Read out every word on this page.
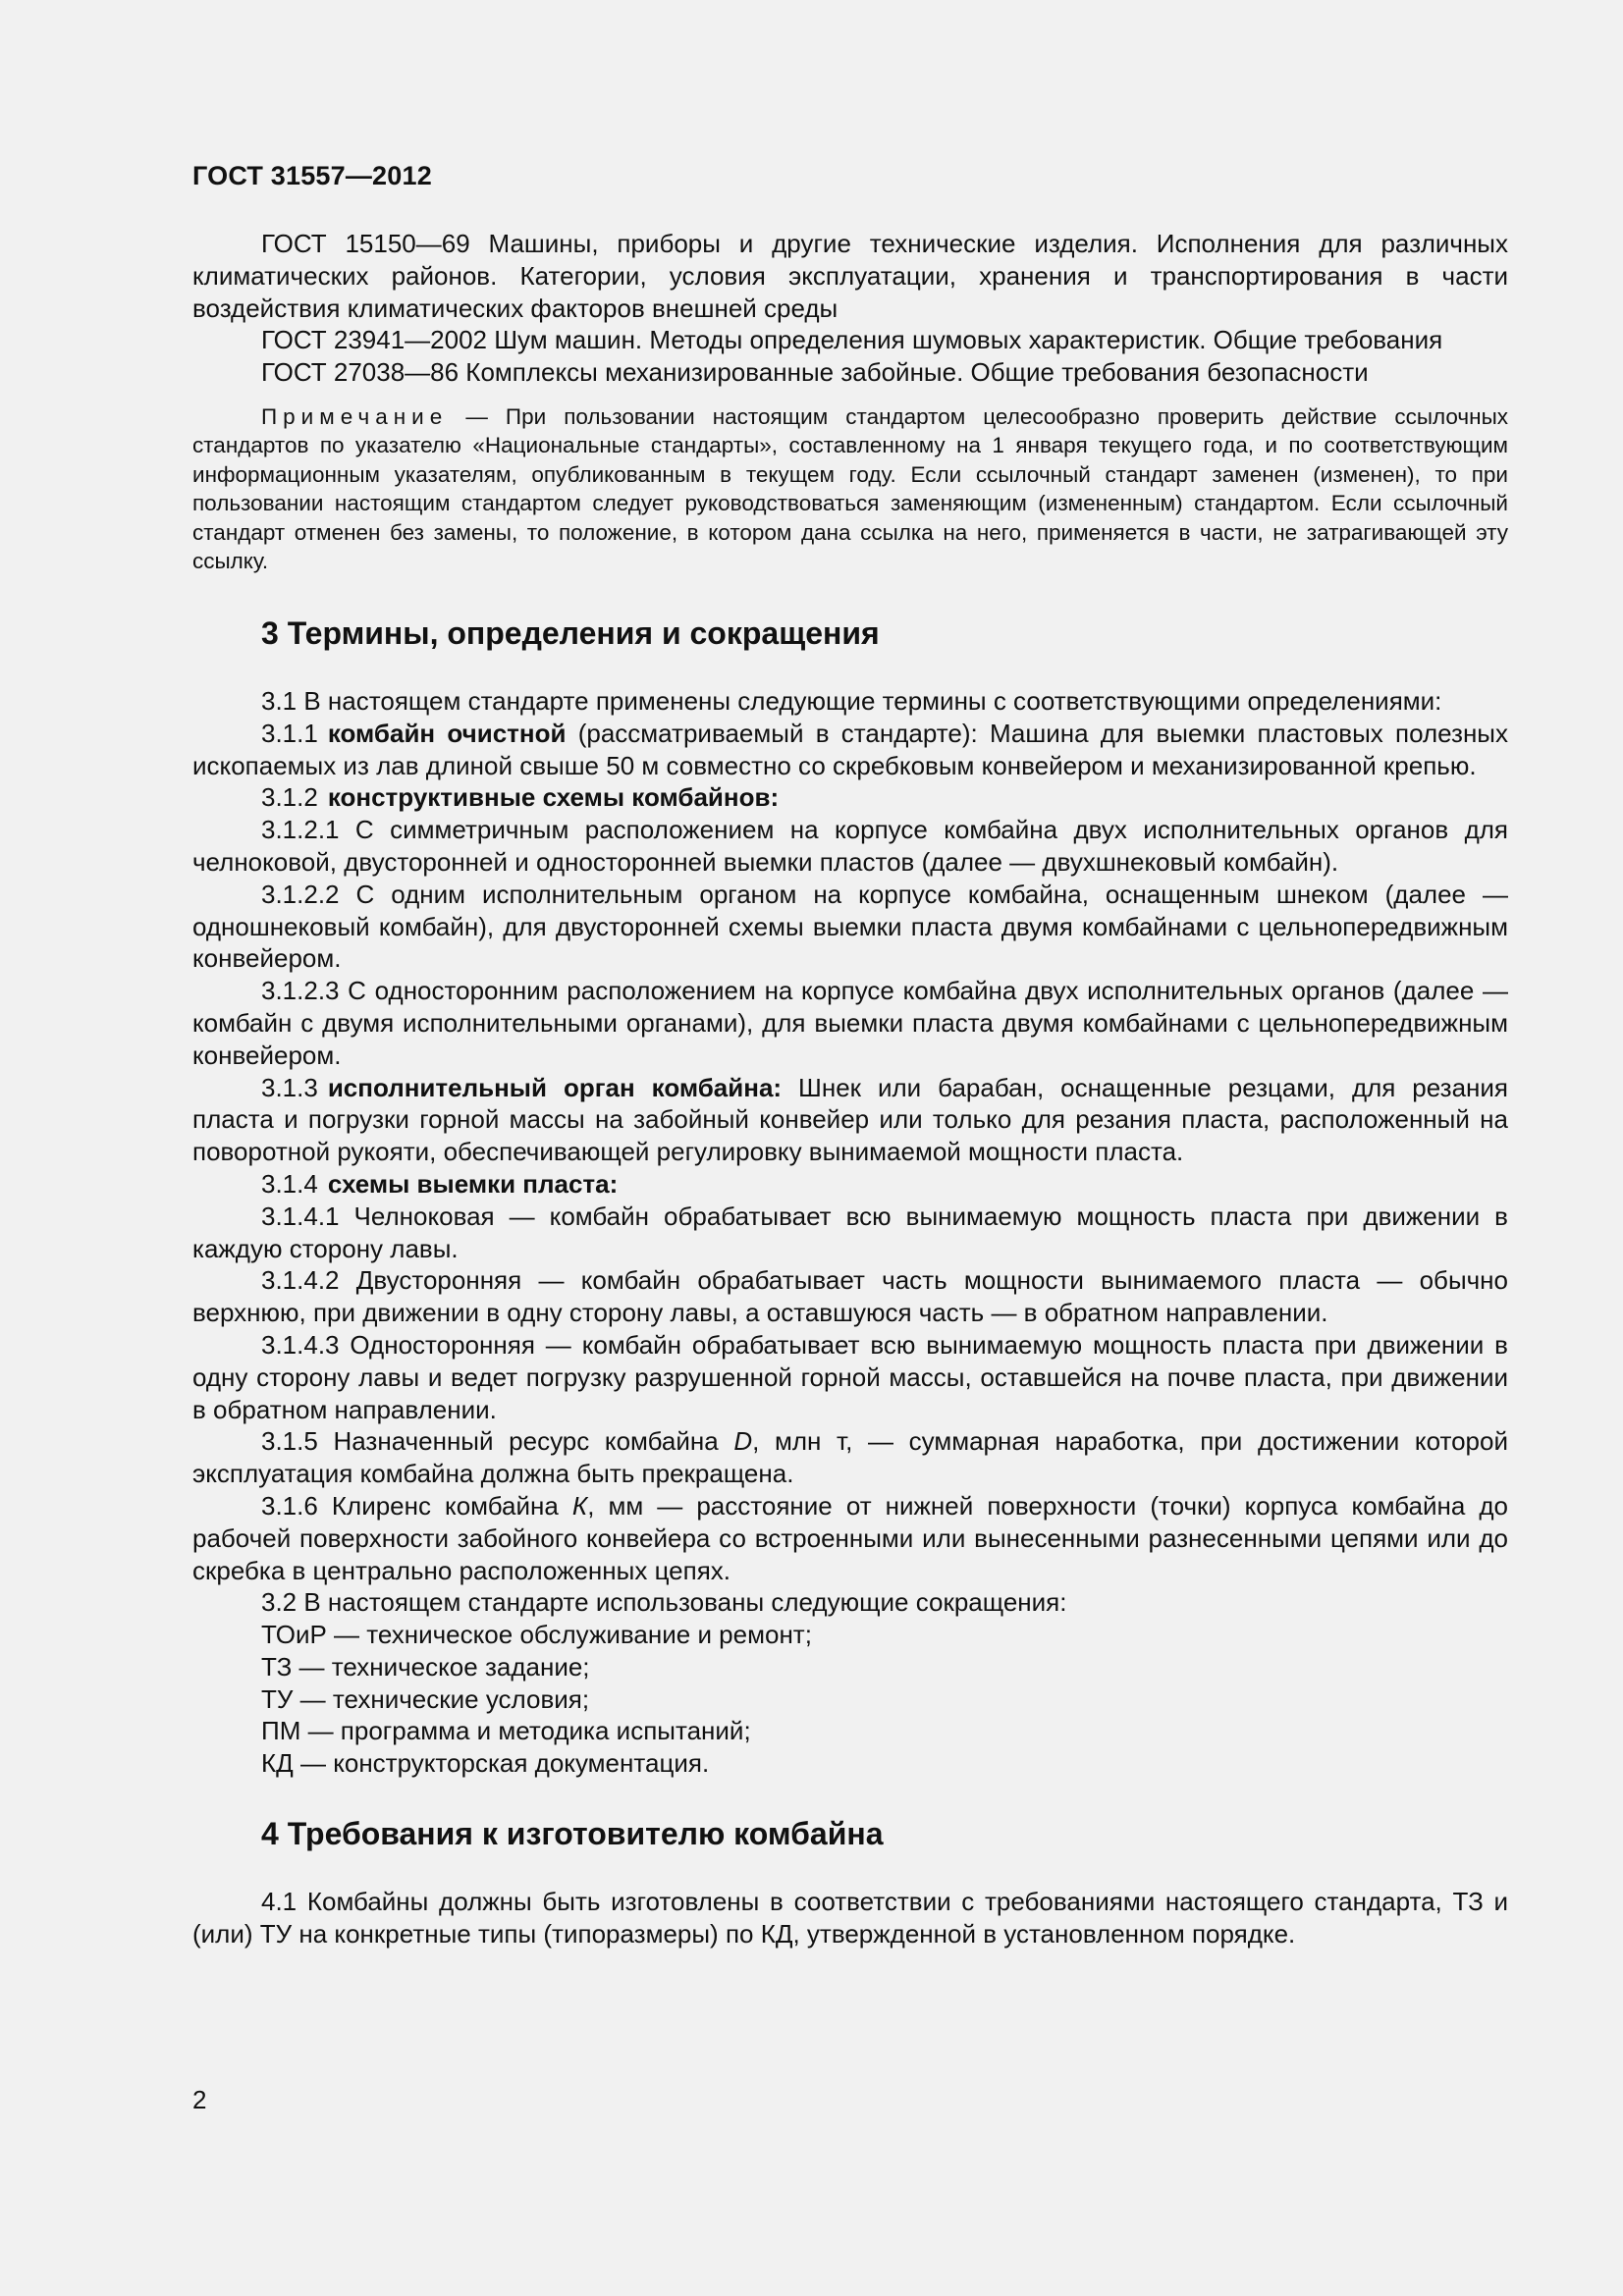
ГОСТ 31557—2012

ГОСТ 15150—69 Машины, приборы и другие технические изделия. Исполнения для различных климатических районов. Категории, условия эксплуатации, хранения и транспортирования в части воздействия климатических факторов внешней среды

ГОСТ 23941—2002 Шум машин. Методы определения шумовых характеристик. Общие требования

ГОСТ 27038—86 Комплексы механизированные забойные. Общие требования безопасности

Примечание — При пользовании настоящим стандартом целесообразно проверить действие ссылочных стандартов по указателю «Национальные стандарты», составленному на 1 января текущего года, и по соответствующим информационным указателям, опубликованным в текущем году. Если ссылочный стандарт заменен (изменен), то при пользовании настоящим стандартом следует руководствоваться заменяющим (измененным) стандартом. Если ссылочный стандарт отменен без замены, то положение, в котором дана ссылка на него, применяется в части, не затрагивающей эту ссылку.

3 Термины, определения и сокращения

3.1 В настоящем стандарте применены следующие термины с соответствующими определениями:

3.1.1 комбайн очистной (рассматриваемый в стандарте): Машина для выемки пластовых полезных ископаемых из лав длиной свыше 50 м совместно со скребковым конвейером и механизированной крепью.

3.1.2 конструктивные схемы комбайнов:

3.1.2.1 С симметричным расположением на корпусе комбайна двух исполнительных органов для челноковой, двусторонней и односторонней выемки пластов (далее — двухшнековый комбайн).

3.1.2.2 С одним исполнительным органом на корпусе комбайна, оснащенным шнеком (далее — одношнековый комбайн), для двусторонней схемы выемки пласта двумя комбайнами с цельнопередвижным конвейером.

3.1.2.3 С односторонним расположением на корпусе комбайна двух исполнительных органов (далее — комбайн с двумя исполнительными органами), для выемки пласта двумя комбайнами с цельнопередвижным конвейером.

3.1.3 исполнительный орган комбайна: Шнек или барабан, оснащенные резцами, для резания пласта и погрузки горной массы на забойный конвейер или только для резания пласта, расположенный на поворотной рукояти, обеспечивающей регулировку вынимаемой мощности пласта.

3.1.4 схемы выемки пласта:

3.1.4.1 Челноковая — комбайн обрабатывает всю вынимаемую мощность пласта при движении в каждую сторону лавы.

3.1.4.2 Двусторонняя — комбайн обрабатывает часть мощности вынимаемого пласта — обычно верхнюю, при движении в одну сторону лавы, а оставшуюся часть — в обратном направлении.

3.1.4.3 Односторонняя — комбайн обрабатывает всю вынимаемую мощность пласта при движении в одну сторону лавы и ведет погрузку разрушенной горной массы, оставшейся на почве пласта, при движении в обратном направлении.

3.1.5 Назначенный ресурс комбайна D, млн т, — суммарная наработка, при достижении которой эксплуатация комбайна должна быть прекращена.

3.1.6 Клиренс комбайна К, мм — расстояние от нижней поверхности (точки) корпуса комбайна до рабочей поверхности забойного конвейера со встроенными или вынесенными разнесенными цепями или до скребка в центрально расположенных цепях.

3.2 В настоящем стандарте использованы следующие сокращения:

ТОиР — техническое обслуживание и ремонт;

ТЗ — техническое задание;

ТУ — технические условия;

ПМ — программа и методика испытаний;

КД — конструкторская документация.

4 Требования к изготовителю комбайна

4.1 Комбайны должны быть изготовлены в соответствии с требованиями настоящего стандарта, ТЗ и (или) ТУ на конкретные типы (типоразмеры) по КД, утвержденной в установленном порядке.

2
